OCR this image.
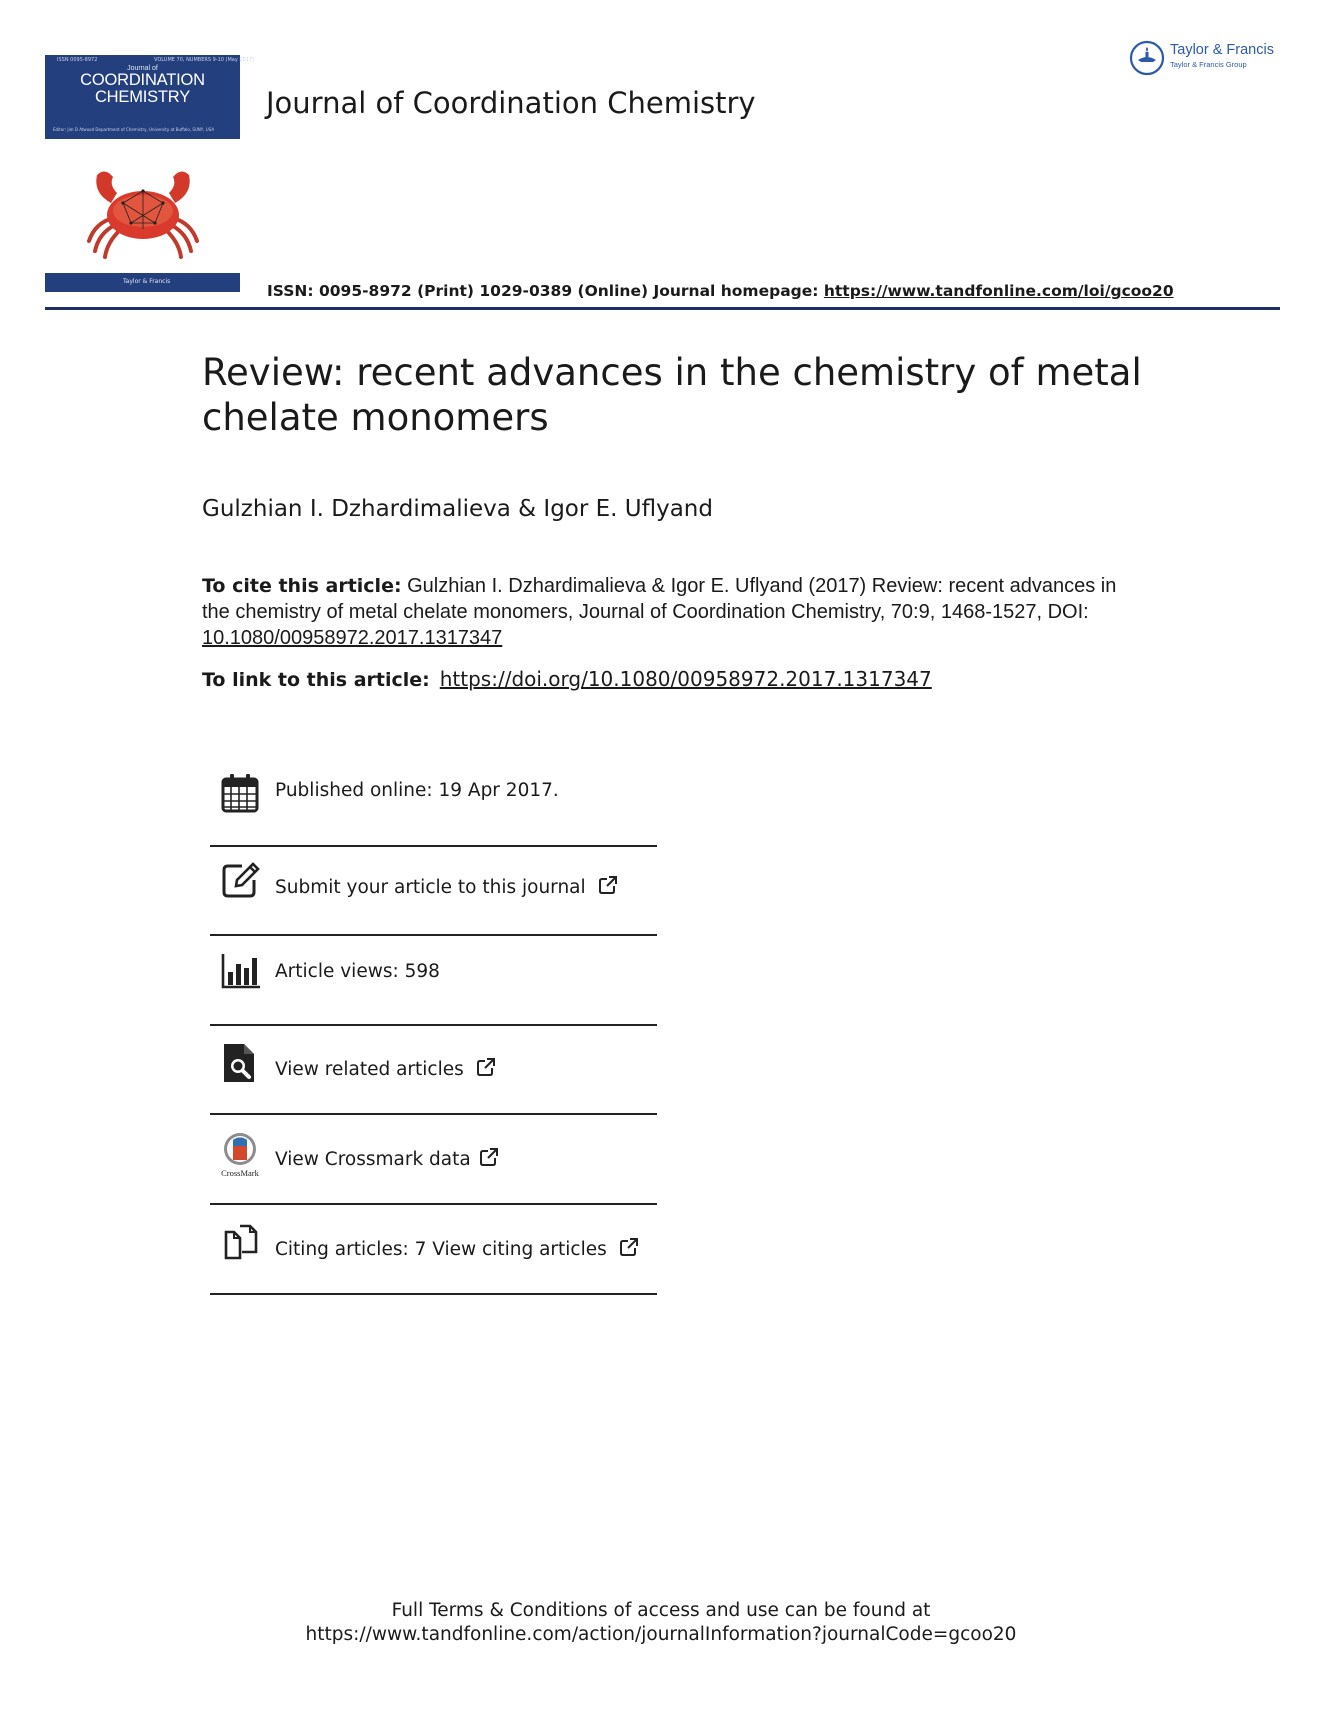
ISSN 0095-8972	VOLUME 70, NUMBERS 9-10 (May 2017)
Journal of
COORDINATION
CHEMISTRY
Editor: Jim D Atwood Department of Chemistry, University at Buffalo, SUNY, USA
Taylor & Francis
Journal of Coordination Chemistry
Taylor & Francis
Taylor & Francis Group
ISSN: 0095-8972 (Print) 1029-0389 (Online) Journal homepage: https://www.tandfonline.com/loi/gcoo20
Review: recent advances in the chemistry of metal chelate monomers
Gulzhian I. Dzhardimalieva & Igor E. Uflyand
To cite this article: Gulzhian I. Dzhardimalieva & Igor E. Uflyand (2017) Review: recent advances in the chemistry of metal chelate monomers, Journal of Coordination Chemistry, 70:9, 1468-1527, DOI: 10.1080/00958972.2017.1317347
To link to this article: https://doi.org/10.1080/00958972.2017.1317347
Published online: 19 Apr 2017.
Submit your article to this journal
Article views: 598
View related articles
CrossMark
View Crossmark data
Citing articles: 7 View citing articles
Full Terms & Conditions of access and use can be found at
https://www.tandfonline.com/action/journalInformation?journalCode=gcoo20
